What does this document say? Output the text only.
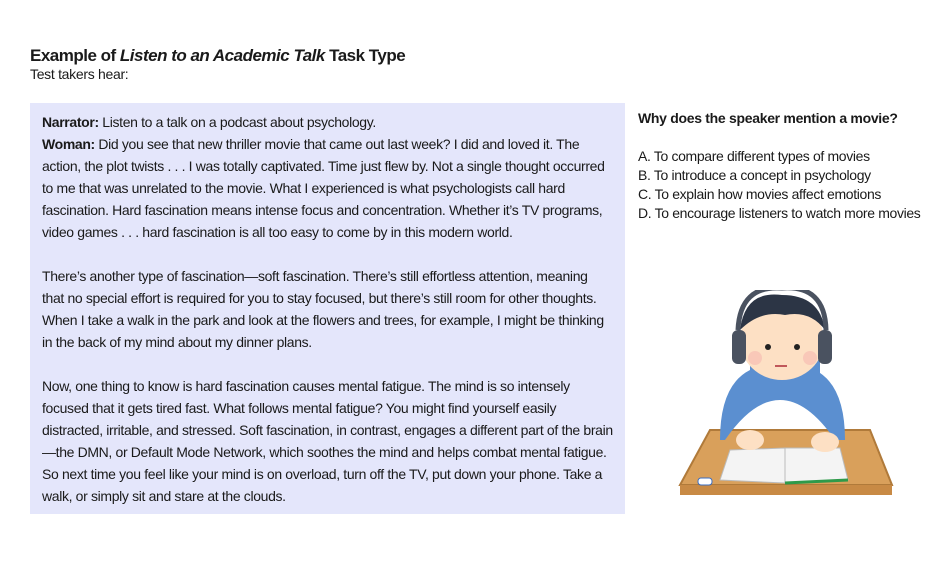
Example of Listen to an Academic Talk Task Type
Test takers hear:

Narrator: Listen to a talk on a podcast about psychology.
Woman: Did you see that new thriller movie that came out last week? I did and loved it. The action, the plot twists . . . I was totally captivated. Time just flew by. Not a single thought occurred to me that was unrelated to the movie. What I experienced is what psychologists call hard fascination. Hard fascination means intense focus and concentration. Whether it’s TV programs, video games . . . hard fascination is all too easy to come by in this modern world.

There’s another type of fascination—soft fascination. There’s still effortless attention, meaning that no special effort is required for you to stay focused, but there’s still room for other thoughts. When I take a walk in the park and look at the flowers and trees, for example, I might be thinking in the back of my mind about my dinner plans.

Now, one thing to know is hard fascination causes mental fatigue. The mind is so intensely focused that it gets tired fast. What follows mental fatigue? You might find yourself easily distracted, irritable, and stressed. Soft fascination, in contrast, engages a different part of the brain—the DMN, or Default Mode Network, which soothes the mind and helps combat mental fatigue. So next time you feel like your mind is on overload, turn off the TV, put down your phone. Take a walk, or simply sit and stare at the clouds.

Why does the speaker mention a movie?
A. To compare different types of movies
B. To introduce a concept in psychology
C. To explain how movies affect emotions
D. To encourage listeners to watch more movies
